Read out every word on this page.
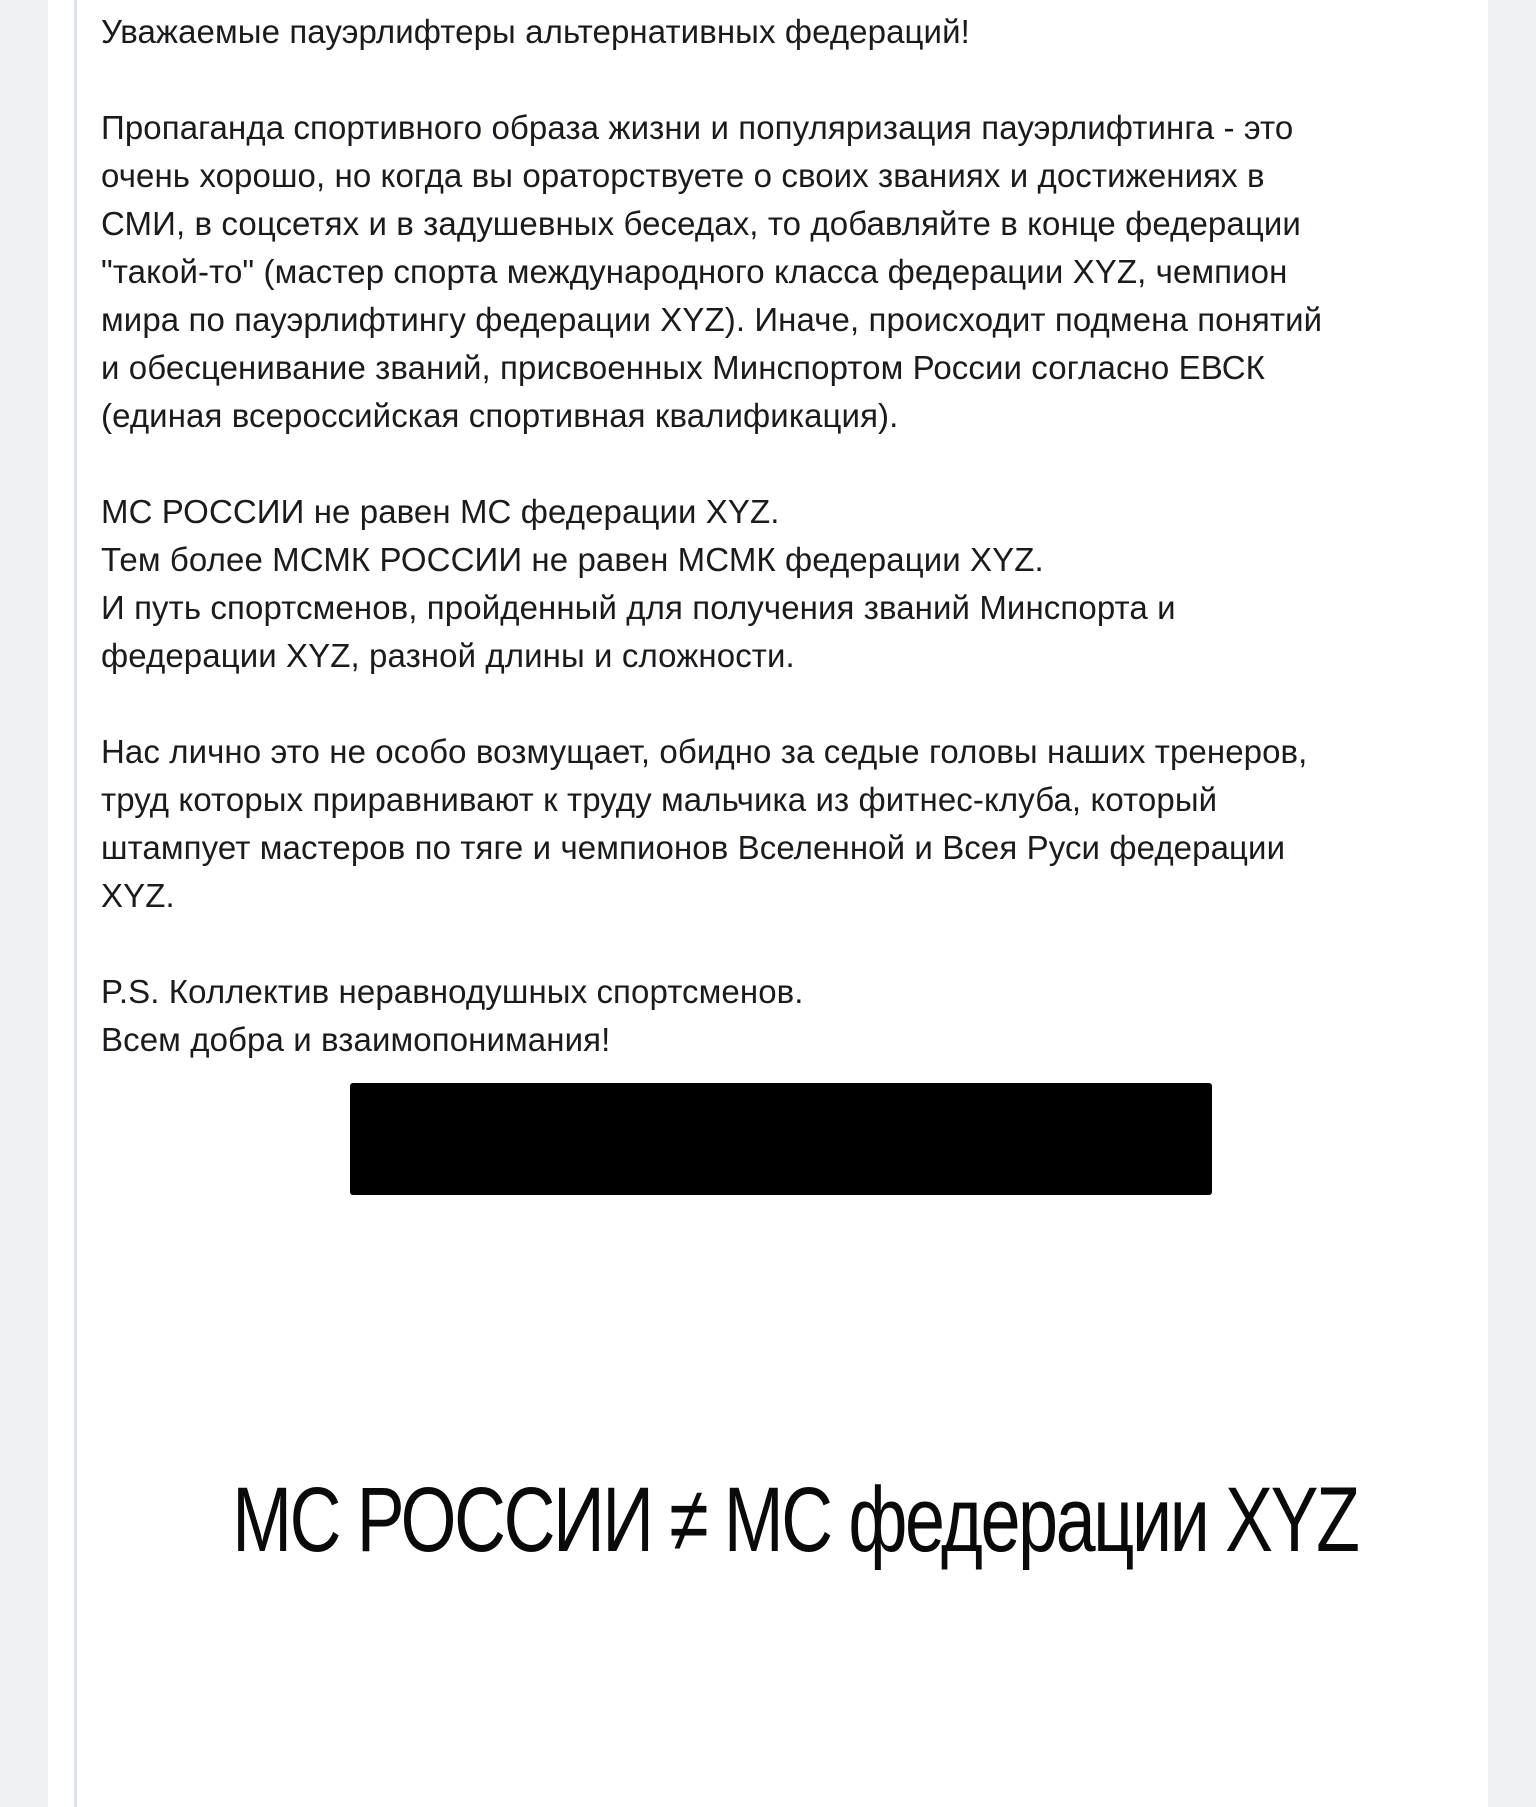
Уважаемые пауэрлифтеры альтернативных федераций!

Пропаганда спортивного образа жизни и популяризация пауэрлифтинга - это
очень хорошо, но когда вы ораторствуете о своих званиях и достижениях в
СМИ, в соцсетях и в задушевных беседах, то добавляйте в конце федерации
"такой-то" (мастер спорта международного класса федерации XYZ, чемпион
мира по пауэрлифтингу федерации XYZ). Иначе, происходит подмена понятий
и обесценивание званий, присвоенных Минспортом России согласно ЕВСК
(единая всероссийская спортивная квалификация).

МС РОССИИ не равен МС федерации XYZ.
Тем более МСМК РОССИИ не равен МСМК федерации XYZ.
И путь спортсменов, пройденный для получения званий Минспорта и
федерации XYZ, разной длины и сложности.

Нас лично это не особо возмущает, обидно за седые головы наших тренеров,
труд которых приравнивают к труду мальчика из фитнес-клуба, который
штампует мастеров по тяге и чемпионов Вселенной и Всея Руси федерации
XYZ.

P.S. Коллектив неравнодушных спортсменов.
Всем добра и взаимопонимания!

МС РОССИИ ≠ МС федерации XYZ
